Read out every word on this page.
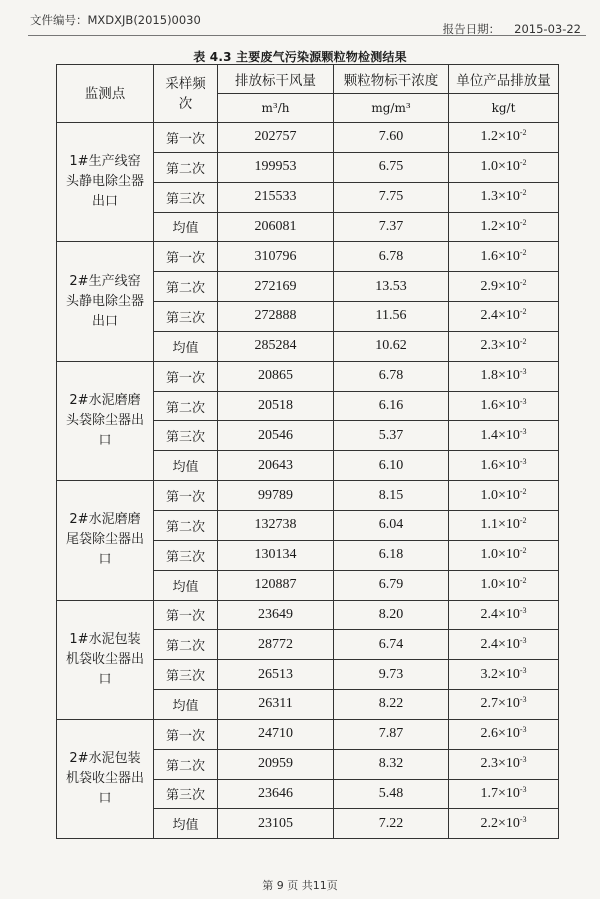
文件编号：MXDXJB(2015)0030
报告日期： 2015-03-22
表 4.3 主要废气污染源颗粒物检测结果
监测点	采样频次	排放标干风量	颗粒物标干浓度	单位产品排放量
		m³/h	mg/m³	kg/t
1#生产线窑头静电除尘器出口	第一次	202757	7.60	$1.2\times 10^{-2}$
	第二次	199953	6.75	$1.0\times 10^{-2}$
	第三次	215533	7.75	$1.3\times 10^{-2}$
	均值	206081	7.37	$1.2\times 10^{-2}$
2#生产线窑头静电除尘器出口	第一次	310796	6.78	$1.6\times 10^{-2}$
	第二次	272169	13.53	$2.9\times 10^{-2}$
	第三次	272888	11.56	$2.4\times 10^{-2}$
	均值	285284	10.62	$2.3\times 10^{-2}$
2#水泥磨磨头袋除尘器出口	第一次	20865	6.78	$1.8\times 10^{-3}$
	第二次	20518	6.16	$1.6\times 10^{-3}$
	第三次	20546	5.37	$1.4\times 10^{-3}$
	均值	20643	6.10	$1.6\times 10^{-3}$
2#水泥磨磨尾袋除尘器出口	第一次	99789	8.15	$1.0\times 10^{-2}$
	第二次	132738	6.04	$1.1\times 10^{-2}$
	第三次	130134	6.18	$1.0\times 10^{-2}$
	均值	120887	6.79	$1.0\times 10^{-2}$
1#水泥包装机袋收尘器出口	第一次	23649	8.20	$2.4\times 10^{-3}$
	第二次	28772	6.74	$2.4\times 10^{-3}$
	第三次	26513	9.73	$3.2\times 10^{-3}$
	均值	26311	8.22	$2.7\times 10^{-3}$
2#水泥包装机袋收尘器出口	第一次	24710	7.87	$2.6\times 10^{-3}$
	第二次	20959	8.32	$2.3\times 10^{-3}$
	第三次	23646	5.48	$1.7\times 10^{-3}$
	均值	23105	7.22	$2.2\times 10^{-3}$
第 9 页 共11页
